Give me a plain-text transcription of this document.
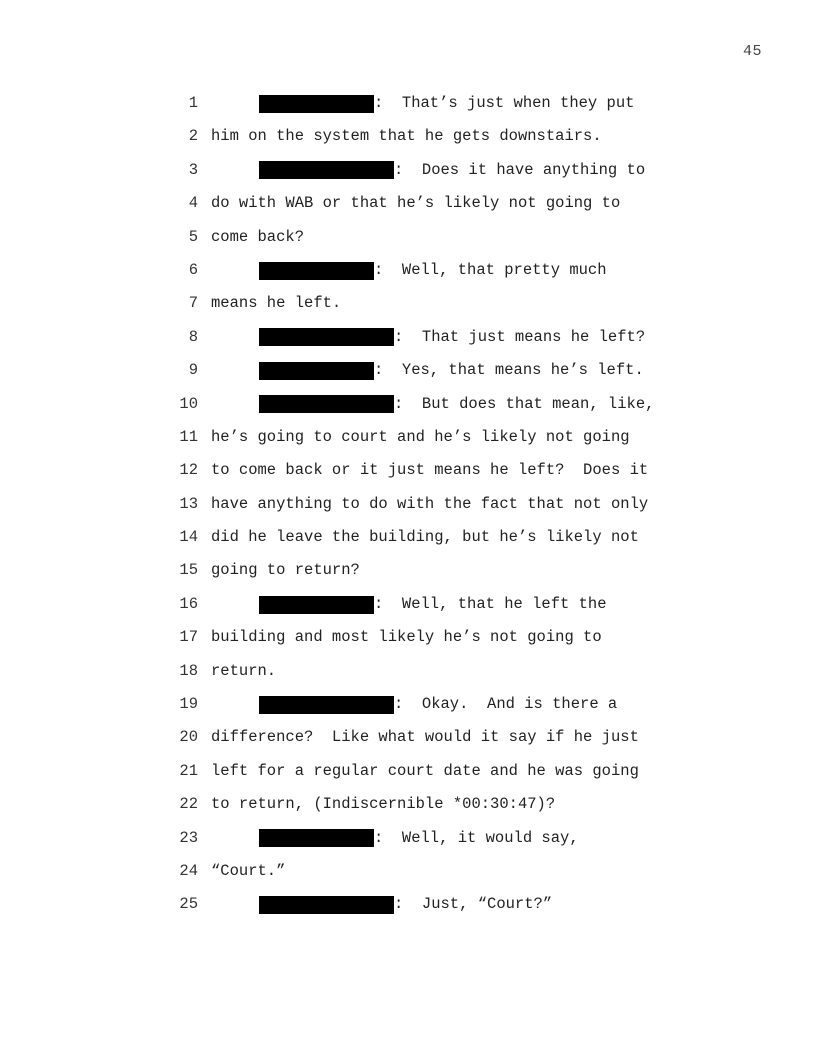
45
1	:  That’s just when they put
2 him on the system that he gets downstairs.
3	:  Does it have anything to
4 do with WAB or that he’s likely not going to
5 come back?
6	:  Well, that pretty much
7 means he left.
8	:  That just means he left?
9	:  Yes, that means he’s left.
10	:  But does that mean, like,
11 he’s going to court and he’s likely not going
12 to come back or it just means he left?  Does it
13 have anything to do with the fact that not only
14 did he leave the building, but he’s likely not
15 going to return?
16	:  Well, that he left the
17 building and most likely he’s not going to
18 return.
19	:  Okay.  And is there a
20 difference?  Like what would it say if he just
21 left for a regular court date and he was going
22 to return, (Indiscernible *00:30:47)?
23	:  Well, it would say,
24 “Court.”
25	:  Just, “Court?”
